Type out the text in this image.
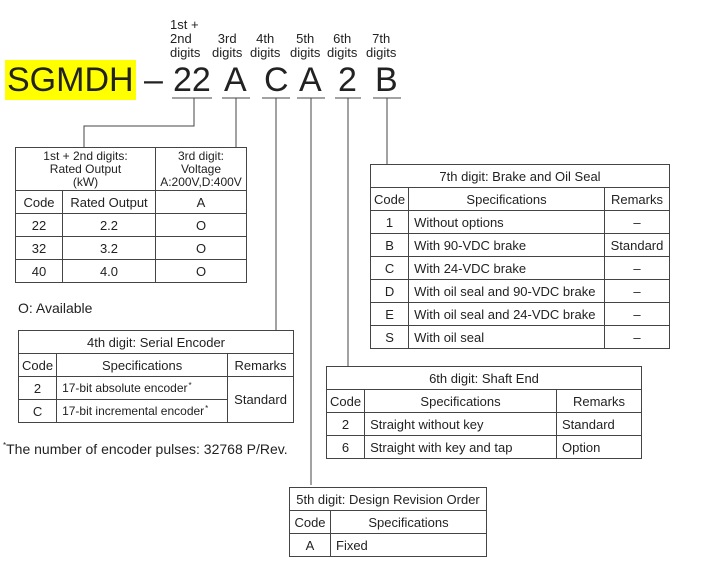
1st +
2nd
digits
3rd
digits
4th
digits
5th
digits
6th
digits
7th
digits
SGMDH – 22 A C A 2 B
1st + 2nd digits:
Rated Output
(kW)		3rd digit:
Voltage
A:200V,D:400V
Code	Rated Output	A
22	2.2	O
32	3.2	O
40	4.0	O
O: Available
4th digit: Serial Encoder		
Code	Specifications	Remarks
2	17-bit absolute encoder*	Standard
C	17-bit incremental encoder*
*The number of encoder pulses: 32768 P/Rev.
7th digit: Brake and Oil Seal		
Code	Specifications	Remarks
1	Without options	–
B	With 90-VDC brake	Standard
C	With 24-VDC brake	–
D	With oil seal and 90-VDC brake	–
E	With oil seal and 24-VDC brake	–
S	With oil seal	–
6th digit: Shaft End		
Code	Specifications	Remarks
2	Straight without key	Standard
6	Straight with key and tap	Option
5th digit: Design Revision Order	
Code	Specifications
A	Fixed
